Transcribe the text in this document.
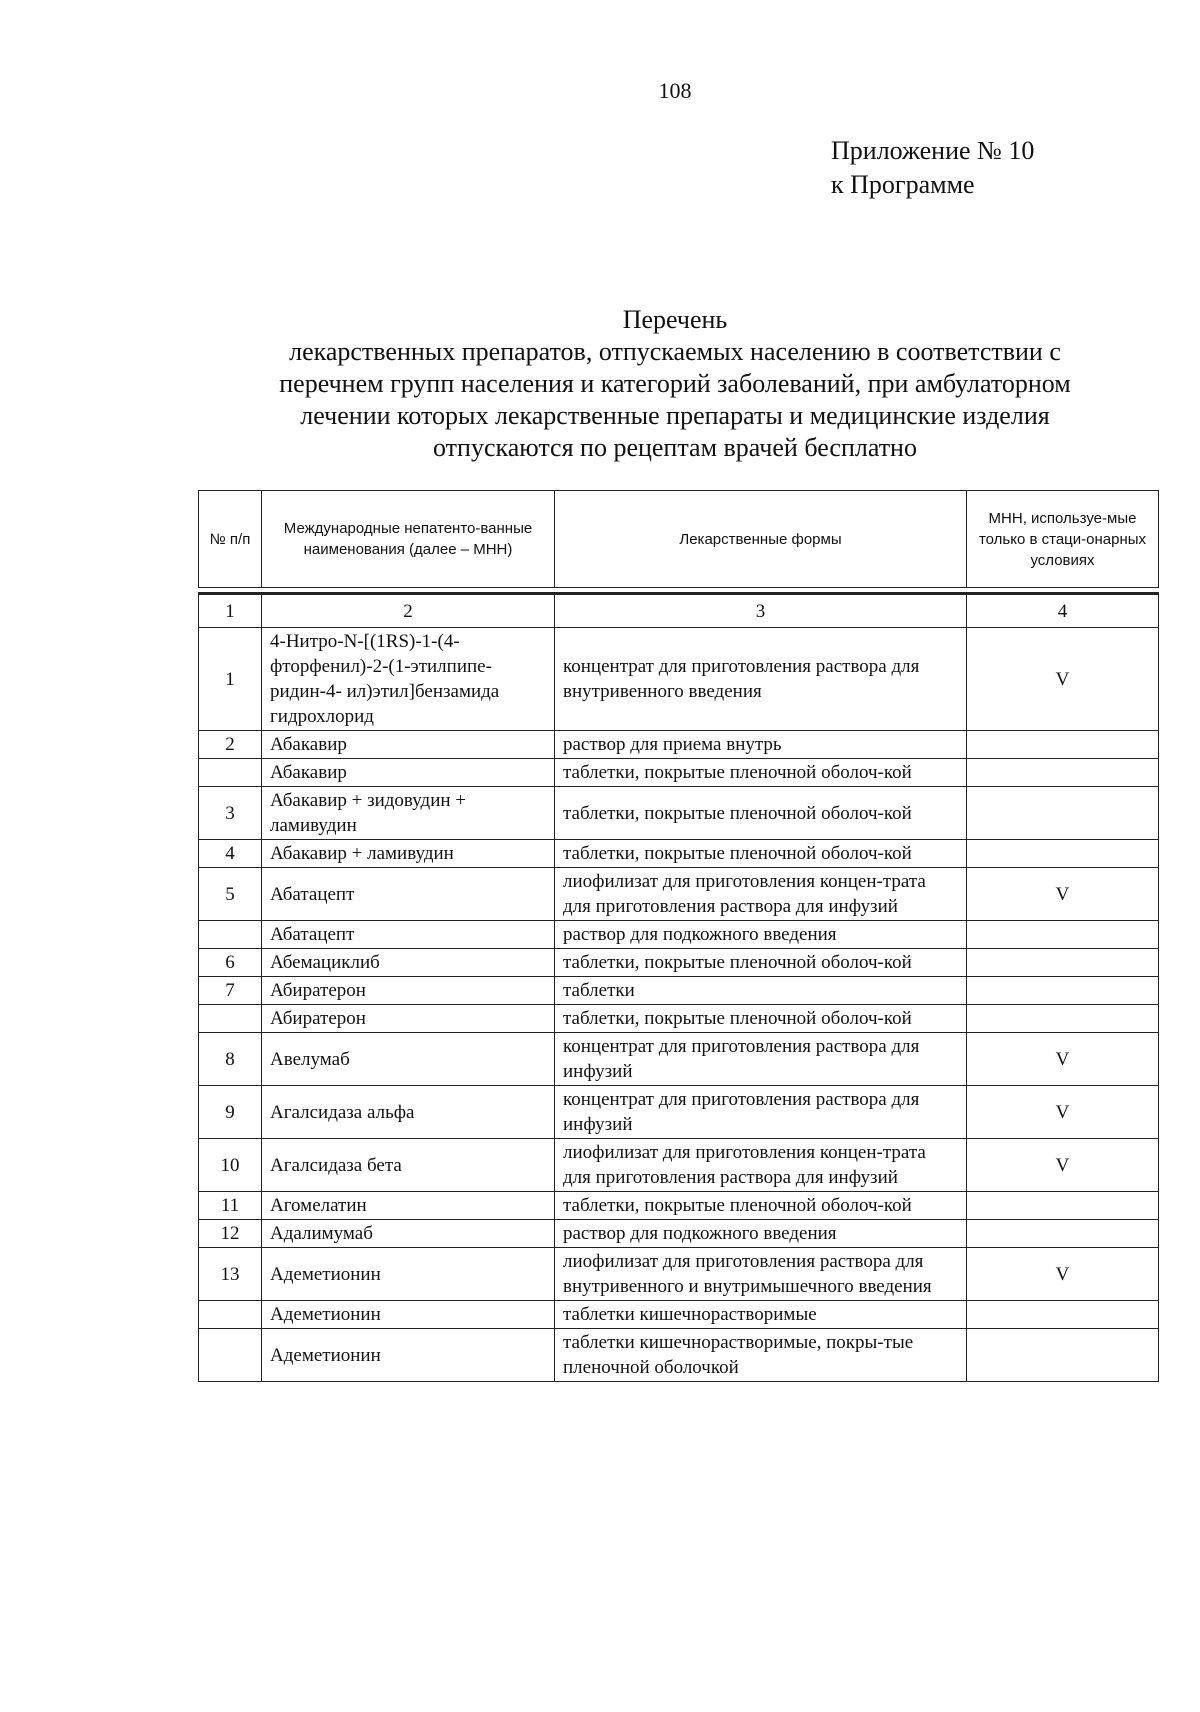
108
Приложение № 10
к Программе
Перечень
лекарственных препаратов, отпускаемых населению в соответствии с
перечнем групп населения и категорий заболеваний, при амбулаторном
лечении которых лекарственные препараты и медицинские изделия
отпускаются по рецептам врачей бесплатно
№ п/п	Международные непатенто-ванные наименования (далее – МНН)	Лекарственные формы	МНН, используе-мые только в стаци-онарных условиях

1	2	3	4
1	4-Нитро-N-[(1RS)-1-(4-фторфенил)-2-(1-этилпипе-ридин-4- ил)этил]бензамида гидрохлорид	концентрат для приготовления раствора для внутривенного введения	V
2	Абакавир	раствор для приема внутрь	
	Абакавир	таблетки, покрытые пленочной оболоч-кой	
3	Абакавир + зидовудин + ламивудин	таблетки, покрытые пленочной оболоч-кой	
4	Абакавир + ламивудин	таблетки, покрытые пленочной оболоч-кой	
5	Абатацепт	лиофилизат для приготовления концен-трата для приготовления раствора для инфузий	V
	Абатацепт	раствор для подкожного введения	
6	Абемациклиб	таблетки, покрытые пленочной оболоч-кой	
7	Абиратерон	таблетки	
	Абиратерон	таблетки, покрытые пленочной оболоч-кой	
8	Авелумаб	концентрат для приготовления раствора для инфузий	V
9	Агалсидаза альфа	концентрат для приготовления раствора для инфузий	V
10	Агалсидаза бета	лиофилизат для приготовления концен-трата для приготовления раствора для инфузий	V
11	Агомелатин	таблетки, покрытые пленочной оболоч-кой	
12	Адалимумаб	раствор для подкожного введения	
13	Адеметионин	лиофилизат для приготовления раствора для внутривенного и внутримышечного введения	V
	Адеметионин	таблетки кишечнорастворимые	
	Адеметионин	таблетки кишечнорастворимые, покры-тые пленочной оболочкой	
